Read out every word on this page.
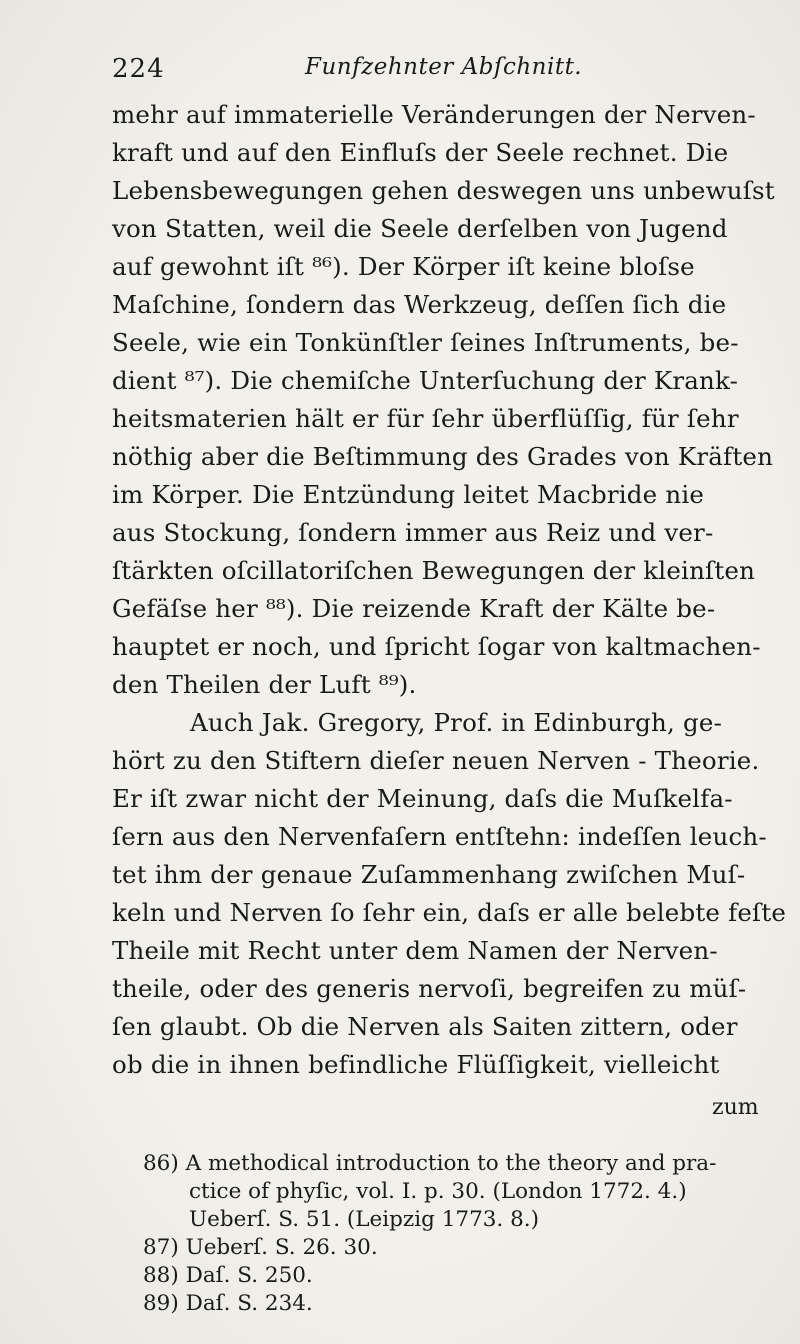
224	Funfzehnter Abſchnitt.
mehr auf immaterielle Veränderungen der Nerven-
kraft und auf den Einfluſs der Seele rechnet. Die
Lebensbewegungen gehen deswegen uns unbewuſst
von Statten, weil die Seele derſelben von Jugend
auf gewohnt iſt ⁸⁶). Der Körper iſt keine bloſse
Maſchine, ſondern das Werkzeug, deſſen ſich die
Seele, wie ein Tonkünſtler ſeines Inſtruments, be-
dient ⁸⁷). Die chemiſche Unterſuchung der Krank-
heitsmaterien hält er für ſehr überflüſſig, für ſehr
nöthig aber die Beſtimmung des Grades von Kräften
im Körper. Die Entzündung leitet Macbride nie
aus Stockung, ſondern immer aus Reiz und ver-
ſtärkten oſcillatoriſchen Bewegungen der kleinſten
Gefäſse her ⁸⁸). Die reizende Kraft der Kälte be-
hauptet er noch, und ſpricht ſogar von kaltmachen-
den Theilen der Luft ⁸⁹).
Auch Jak. Gregory, Prof. in Edinburgh, ge-
hört zu den Stiftern dieſer neuen Nerven - Theorie.
Er iſt zwar nicht der Meinung, daſs die Muſkelfa-
ſern aus den Nervenfaſern entſtehn: indeſſen leuch-
tet ihm der genaue Zuſammenhang zwiſchen Muſ-
keln und Nerven ſo ſehr ein, daſs er alle belebte feſte
Theile mit Recht unter dem Namen der Nerven-
theile, oder des generis nervoſi, begreifen zu müſ-
ſen glaubt. Ob die Nerven als Saiten zittern, oder
ob die in ihnen befindliche Flüſſigkeit, vielleicht
zum
86) A methodical introduction to the theory and pra-
ctice of phyſic, vol. I. p. 30. (London 1772. 4.)
Ueberſ. S. 51. (Leipzig 1773. 8.)
87) Ueberſ. S. 26. 30.
88) Daſ. S. 250.
89) Daſ. S. 234.
